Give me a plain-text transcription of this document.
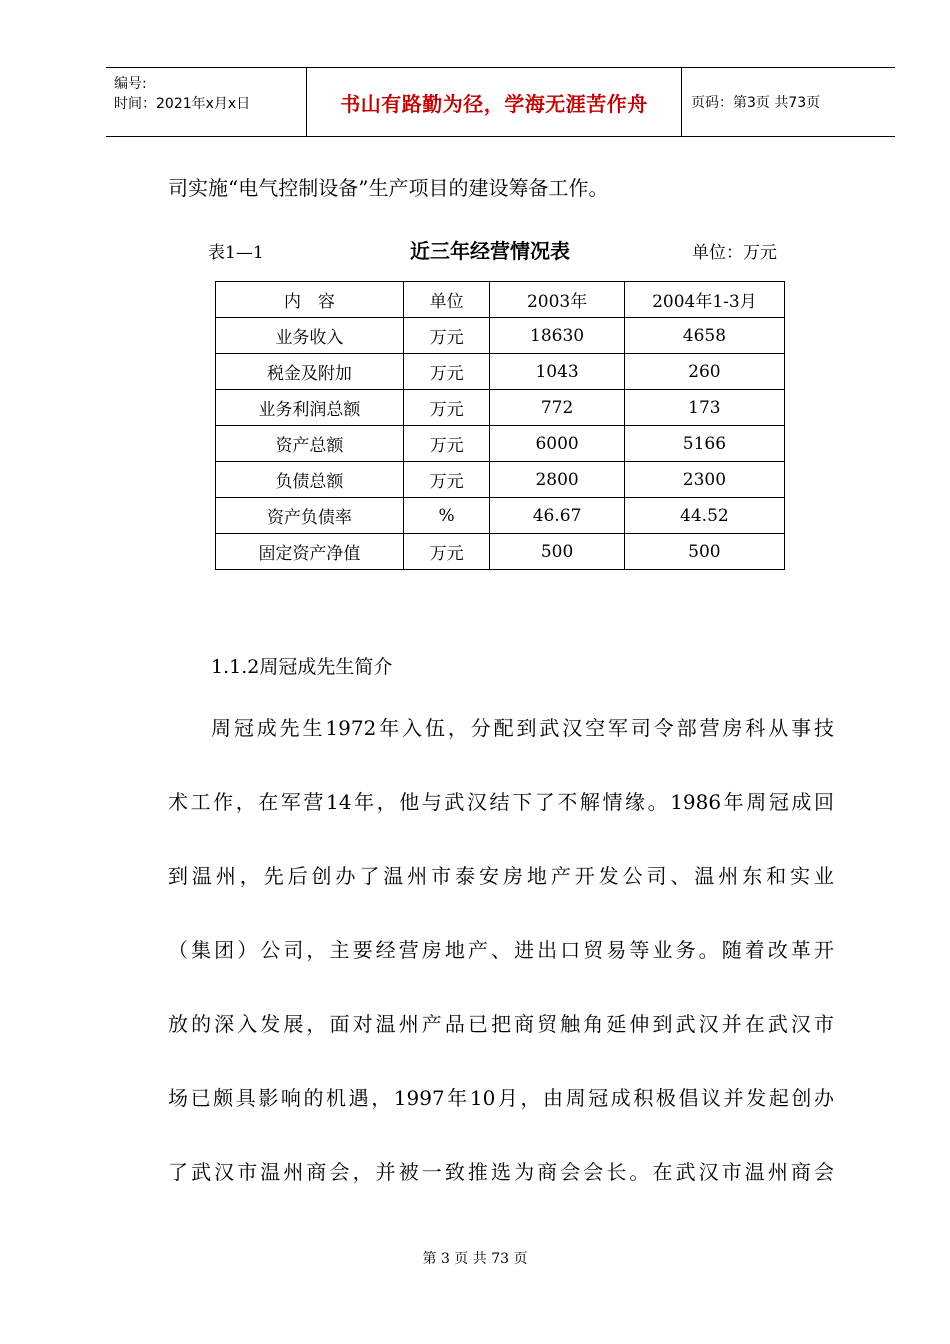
编号:
时间：2021年x月x日	书山有路勤为径，学海无涯苦作舟	页码：第3页 共73页
司实施“电气控制设备”生产项目的建设筹备工作。
表1—1	近三年经营情况表	单位：万元
内　容	单位	2003年	2004年1-3月
业务收入	万元	18630	4658
税金及附加	万元	1043	260
业务利润总额	万元	772	173
资产总额	万元	6000	5166
负债总额	万元	2800	2300
资产负债率	%	46.67	44.52
固定资产净值	万元	500	500
1.1.2周冠成先生简介
周冠成先生1972年入伍，分配到武汉空军司令部营房科从事技
术工作，在军营14年，他与武汉结下了不解情缘。1986年周冠成回
到温州，先后创办了温州市泰安房地产开发公司、温州东和实业
（集团）公司，主要经营房地产、进出口贸易等业务。随着改革开
放的深入发展，面对温州产品已把商贸触角延伸到武汉并在武汉市
场已颇具影响的机遇，1997年10月，由周冠成积极倡议并发起创办
了武汉市温州商会，并被一致推选为商会会长。在武汉市温州商会
第 3 页 共 73 页
